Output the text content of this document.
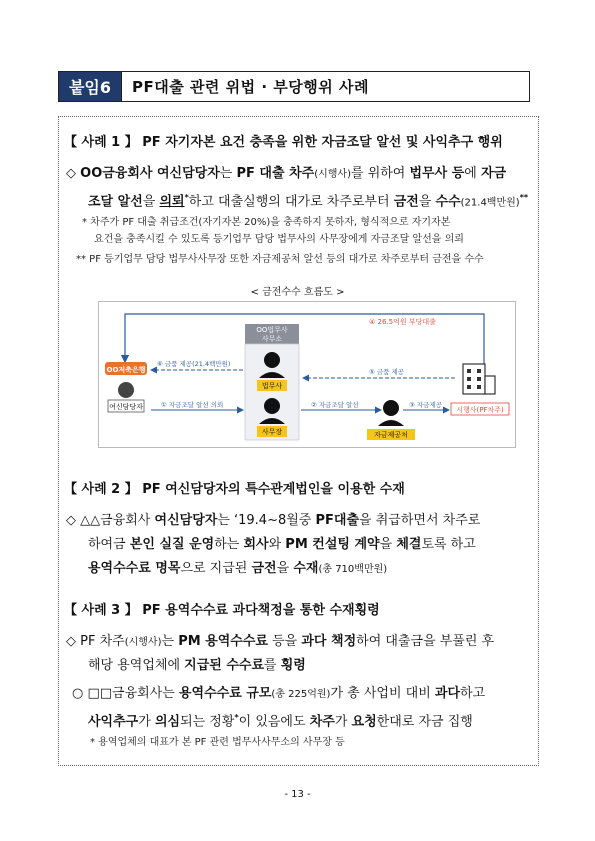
붙임6	PF대출 관련 위법 · 부당행위 사례
【 사례 1 】 PF 자기자본 요건 충족을 위한 자금조달 알선 및 사익추구 행위
◇ OO금융회사 여신담당자는 PF 대출 차주(시행사)를 위하여 법무사 등에 자금
조달 알선을 의뢰*하고 대출실행의 대가로 차주로부터 금전을 수수(21.4백만원)**
* 차주가 PF 대출 취급조건(자기자본 20%)을 충족하지 못하자, 형식적으로 자기자본
요건을 충족시킬 수 있도록 등기업무 담당 법무사의 사무장에게 자금조달 알선을 의뢰
** PF 등기업무 담당 법무사사무장 또한 자금제공처 알선 등의 대가로 차주로부터 금전을 수수
< 금전수수 흐름도 >
④ 26.5억원 부당대출
OO저축은행
여신담당자
OO법무사
사무소
법무사
사무장	자금제공처
시행사(PF차주)
⑥ 금품 제공(21.4백만원)
① 자금조달 알선 의뢰	② 자금조달 알선	③ 자금제공
⑤ 금품 제공
【 사례 2 】 PF 여신담당자의 특수관계법인을 이용한 수재
◇ △△금융회사 여신담당자는 ‘19.4~8월중 PF대출을 취급하면서 차주로
하여금 본인 실질 운영하는 회사와 PM 컨설팅 계약을 체결토록 하고
용역수수료 명목으로 지급된 금전을 수재(총 710백만원)
【 사례 3 】 PF 용역수수료 과다책정을 통한 수재횡령
◇ PF 차주(시행사)는 PM 용역수수료 등을 과다 책정하여 대출금을 부풀린 후
해당 용역업체에 지급된 수수료를 횡령
○ □□금융회사는 용역수수료 규모(총 225억원)가 총 사업비 대비 과다하고
사익추구가 의심되는 정황*이 있음에도 차주가 요청한대로 자금 집행
* 용역업체의 대표가 본 PF 관련 법무사사무소의 사무장 등
- 13 -
